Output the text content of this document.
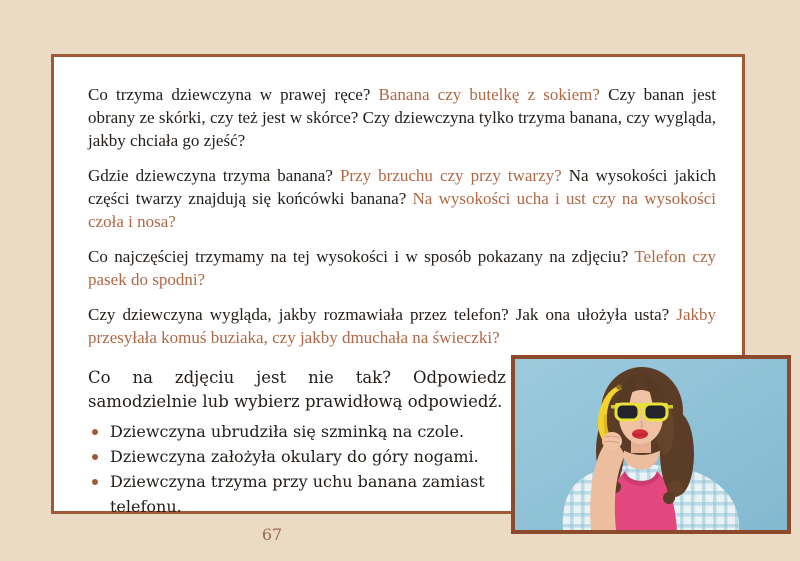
Co trzyma dziewczyna w prawej ręce? Banana czy butelkę z sokiem? Czy banan jest obrany ze skórki, czy też jest w skórce? Czy dziewczyna tylko trzyma banana, czy wygląda, jakby chciała go zjeść?

Gdzie dziewczyna trzyma banana? Przy brzuchu czy przy twarzy? Na wysokości jakich części twarzy znajdują się końcówki banana? Na wysokości ucha i ust czy na wysokości czoła i nosa?

Co najczęściej trzymamy na tej wysokości i w sposób pokazany na zdjęciu? Telefon czy pasek do spodni?

Czy dziewczyna wygląda, jakby rozmawiała przez telefon? Jak ona ułożyła usta? Jakby przesyłała komuś buziaka, czy jakby dmuchała na świeczki?

Co na zdjęciu jest nie tak? Odpowiedz samodzielnie lub wybierz prawidłową odpowiedź.

Dziewczyna ubrudziła się szminką na czole.
Dziewczyna założyła okulary do góry nogami.
Dziewczyna trzyma przy uchu banana zamiast telefonu.
67
